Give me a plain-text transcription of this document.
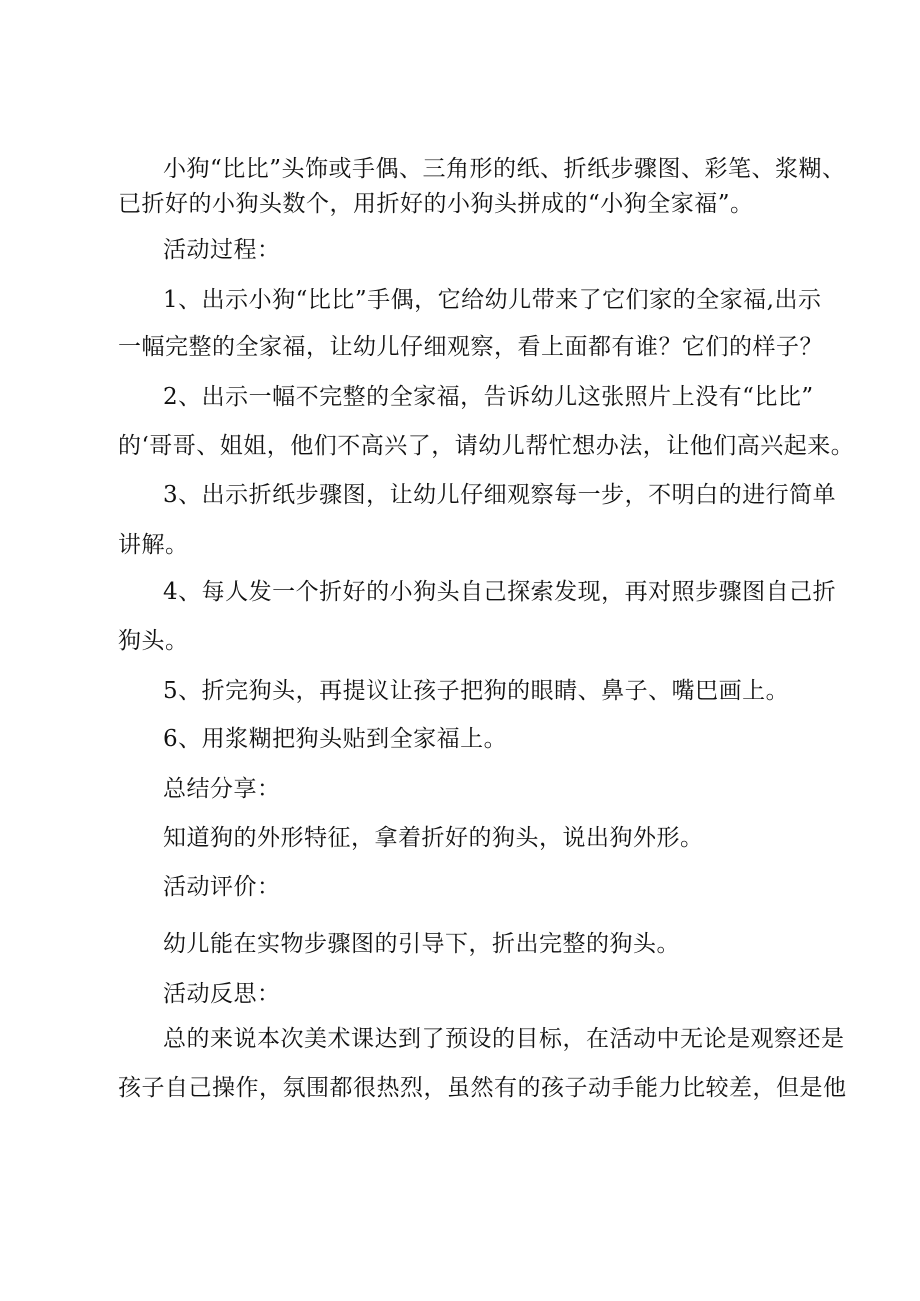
小狗“比比”头饰或手偶、三角形的纸、折纸步骤图、彩笔、浆糊、
已折好的小狗头数个，用折好的小狗头拼成的“小狗全家福”。
活动过程：
1、出示小狗“比比”手偶，它给幼儿带来了它们家的全家福,出示
一幅完整的全家福，让幼儿仔细观察，看上面都有谁？它们的样子？
2、出示一幅不完整的全家福，告诉幼儿这张照片上没有“比比”
的‘哥哥、姐姐，他们不高兴了，请幼儿帮忙想办法，让他们高兴起来。
3、出示折纸步骤图，让幼儿仔细观察每一步，不明白的进行简单
讲解。
4、每人发一个折好的小狗头自己探索发现，再对照步骤图自己折
狗头。
5、折完狗头，再提议让孩子把狗的眼睛、鼻子、嘴巴画上。
6、用浆糊把狗头贴到全家福上。
总结分享：
知道狗的外形特征，拿着折好的狗头，说出狗外形。
活动评价：
幼儿能在实物步骤图的引导下，折出完整的狗头。
活动反思：
总的来说本次美术课达到了预设的目标，在活动中无论是观察还是
孩子自己操作，氛围都很热烈，虽然有的孩子动手能力比较差，但是他
